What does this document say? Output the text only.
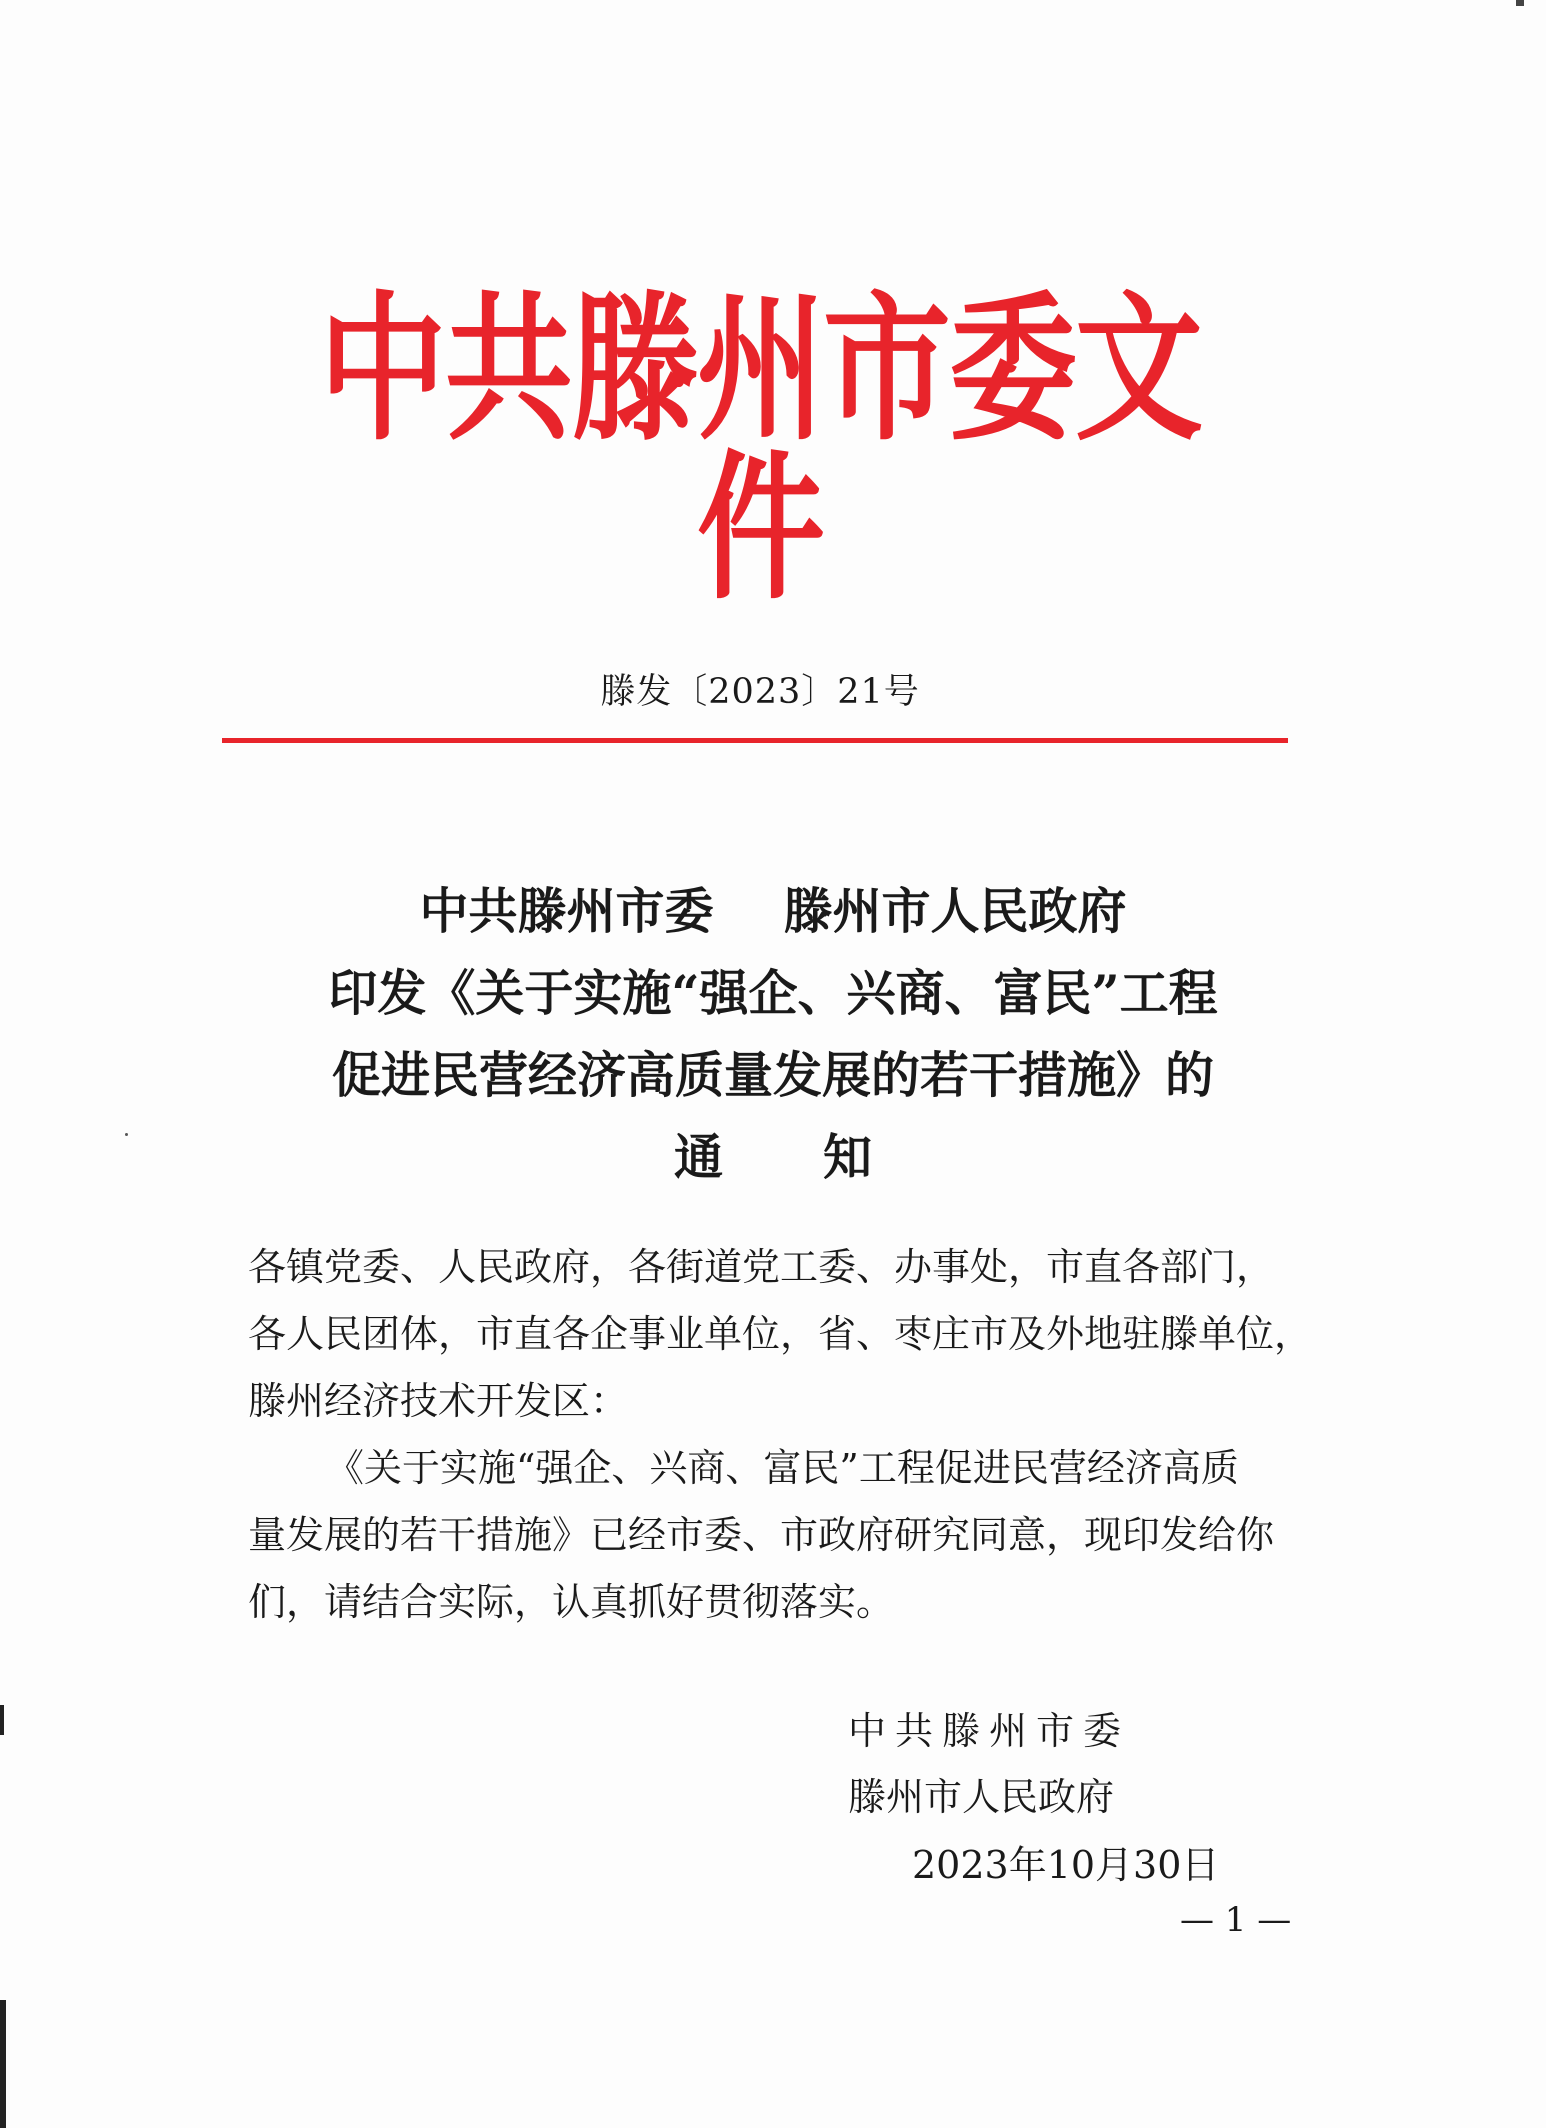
中共滕州市委文件
滕发〔2023〕21号
中共滕州市委 滕州市人民政府
印发《关于实施“强企、兴商、富民”工程
促进民营经济高质量发展的若干措施》的
通知
各镇党委、人民政府，各街道党工委、办事处，市直各部门，
各人民团体，市直各企事业单位，省、枣庄市及外地驻滕单位，
滕州经济技术开发区：
《关于实施“强企、兴商、富民”工程促进民营经济高质
量发展的若干措施》已经市委、市政府研究同意，现印发给你
们，请结合实际，认真抓好贯彻落实。
中共滕州市委
滕州市人民政府
2023年10月30日
— 1 —
